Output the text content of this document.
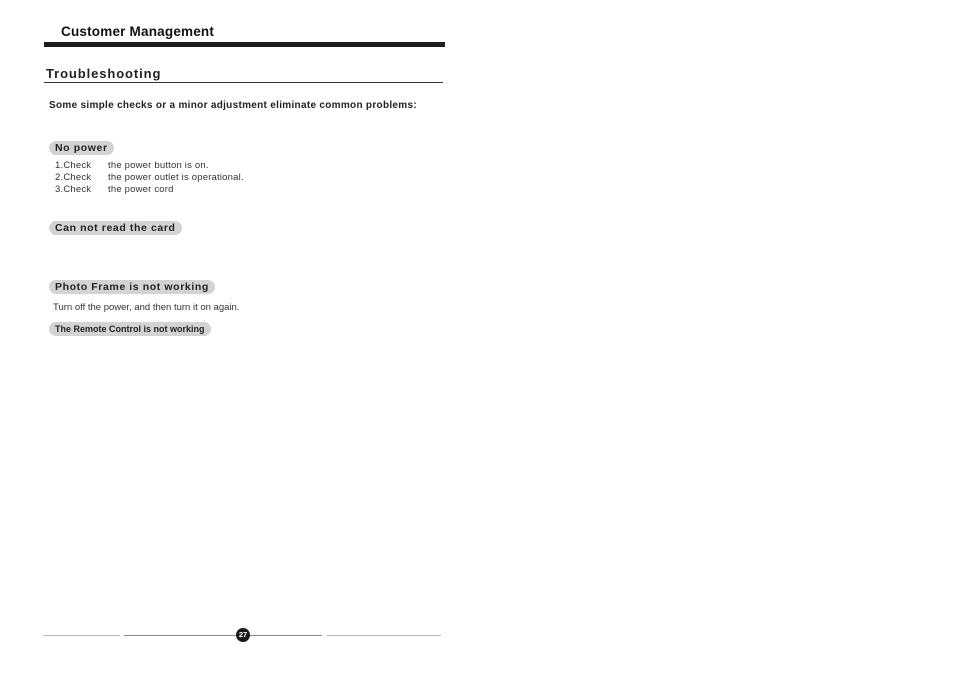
Customer Management
Troubleshooting
Some simple checks or a minor adjustment eliminate common problems:
No power
1.Check the power button is on.
2.Check the power outlet is operational.
3.Check the power cord
Can not read the card
Photo Frame is not working
Turn off the power, and then turn it on again.
The Remote Control is not working
27
